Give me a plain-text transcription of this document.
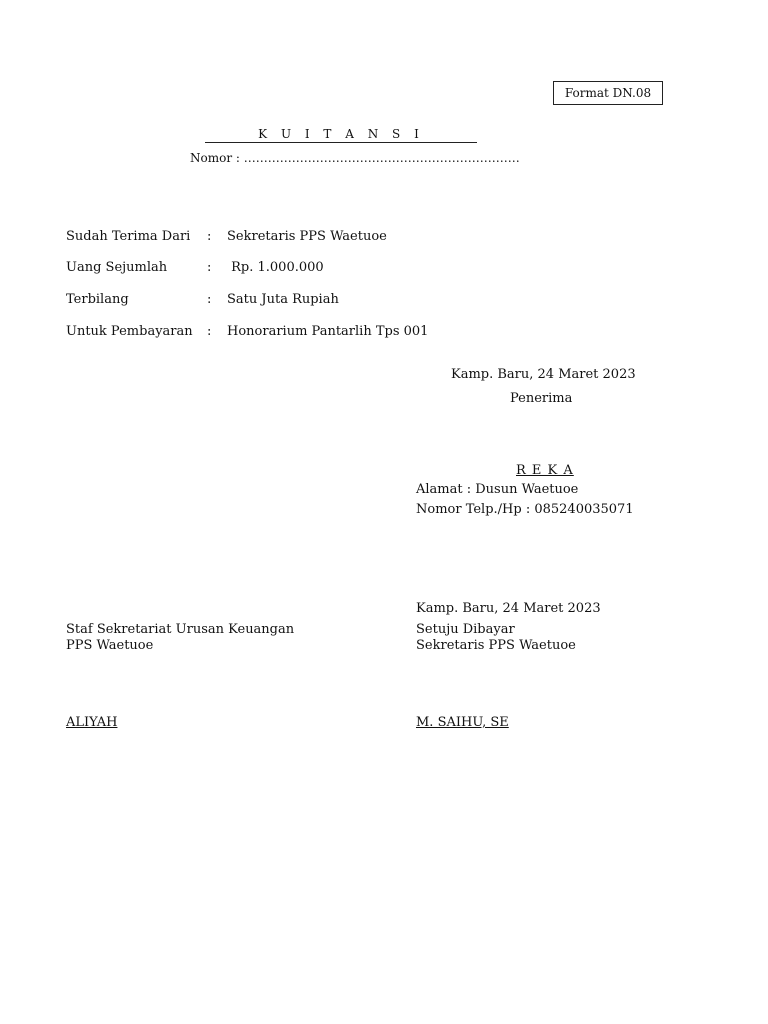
Format DN.08
K U I T A N S I
Nomor : ……………………………………………………………
Sudah Terima Dari : Sekretaris PPS Waetuoe
Uang Sejumlah	: Rp. 1.000.000
Terbilang	: Satu Juta Rupiah
Untuk Pembayaran : Honorarium Pantarlih Tps 001
Kamp. Baru, 24 Maret 2023
Penerima
R E K A
Alamat : Dusun Waetuoe
Nomor Telp./Hp : 085240035071
Kamp. Baru, 24 Maret 2023
Staf Sekretariat Urusan Keuangan
PPS Waetuoe
ALIYAH
Setuju Dibayar
Sekretaris PPS Waetuoe
M. SAIHU, SE
